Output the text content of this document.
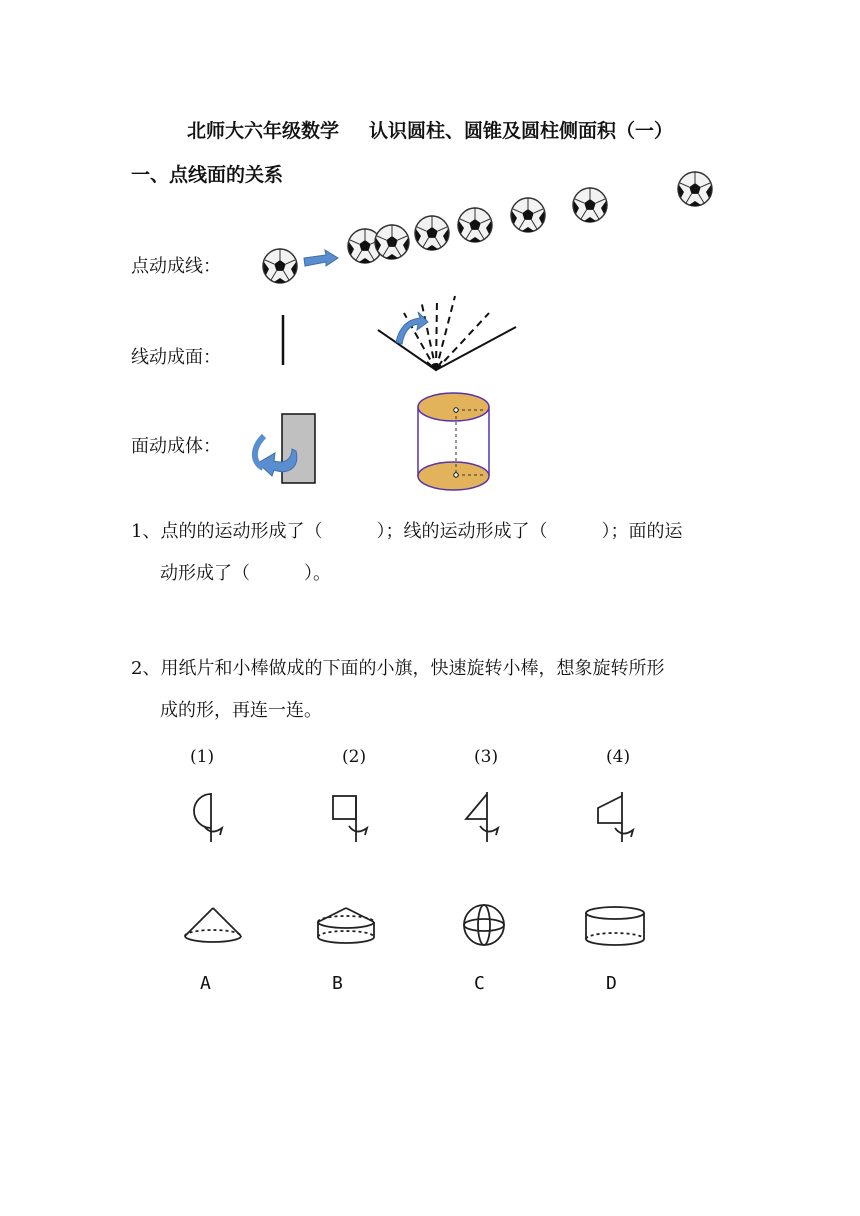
北师大六年级数学 认识圆柱、圆锥及圆柱侧面积（一）
一、点线面的关系
点动成线：
线动成面：
面动成体：
1、点的的运动形成了（　　　）；线的运动形成了（　　　）；面的运
动形成了（　　　）。
2、用纸片和小棒做成的下面的小旗，快速旋转小棒，想象旋转所形
成的形，再连一连。
(1)	(2)	(3)	(4)
A	B	C	D
